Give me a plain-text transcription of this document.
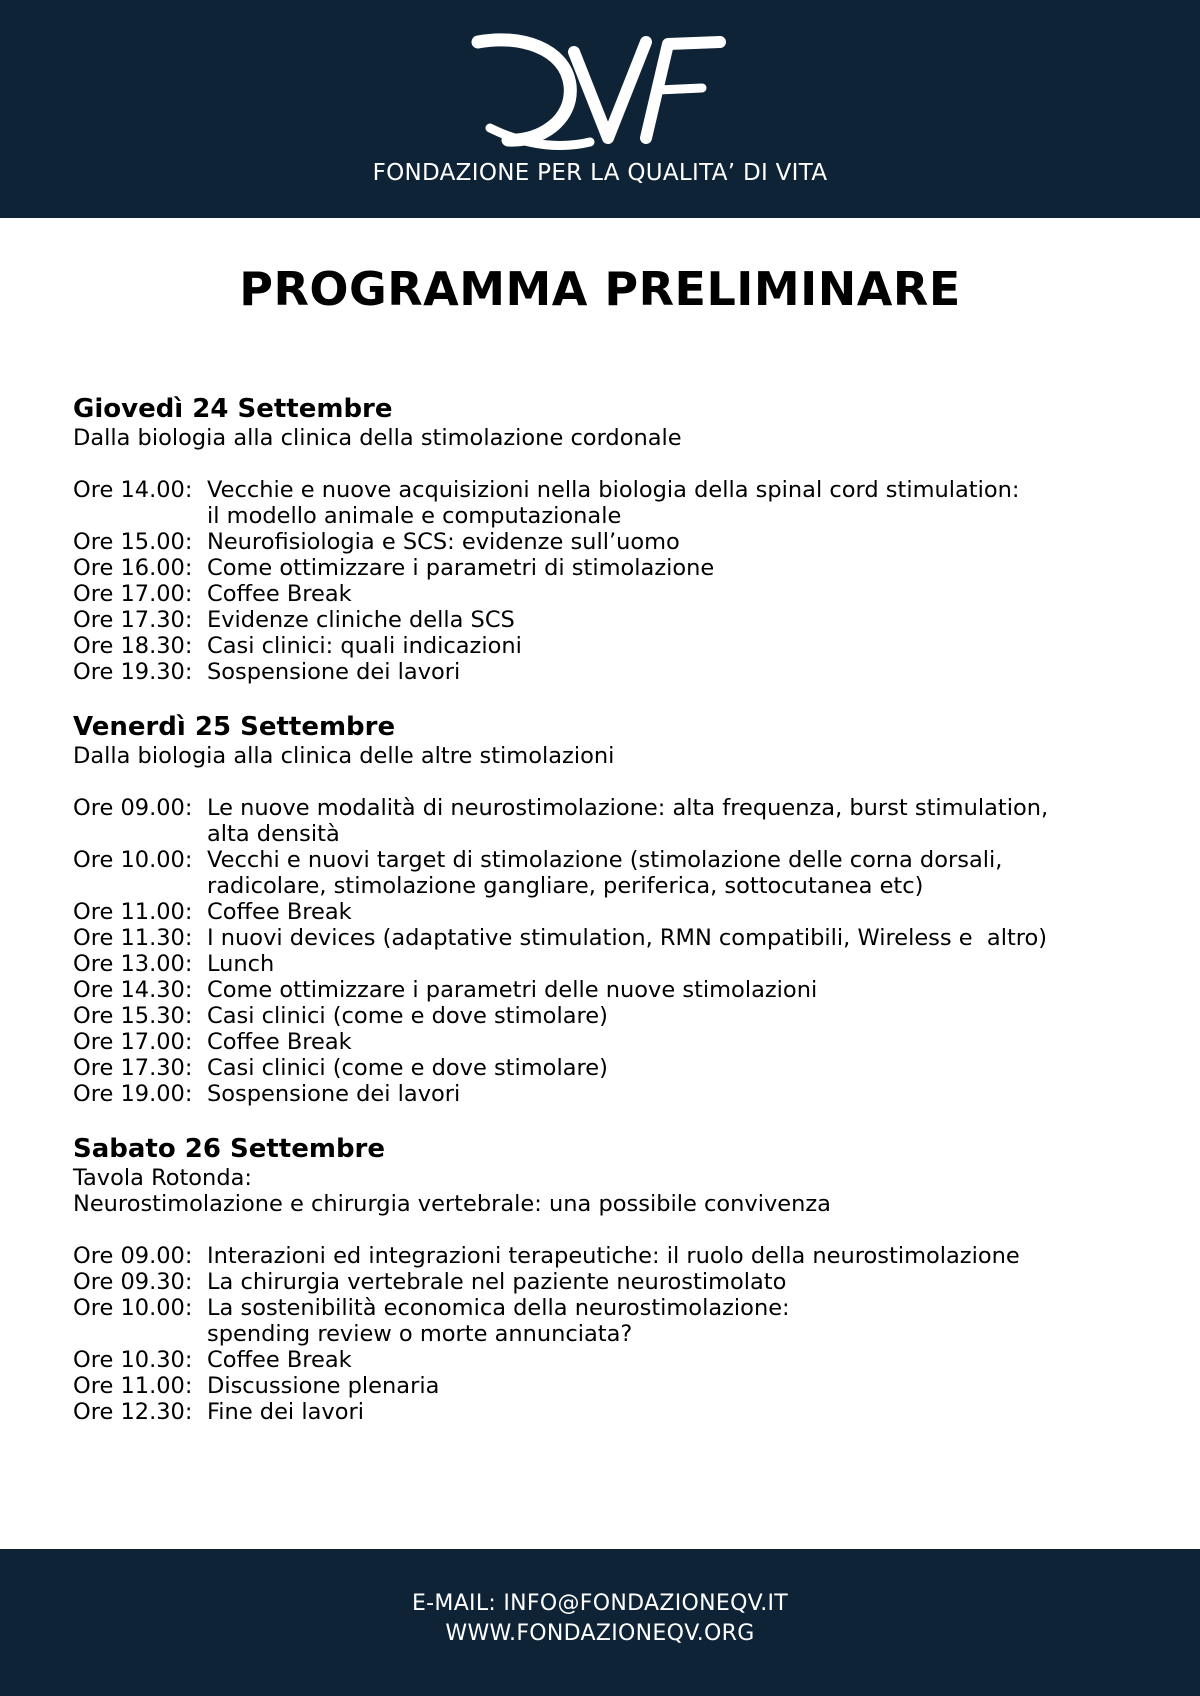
FONDAZIONE PER LA QUALITA’ DI VITA
PROGRAMMA PRELIMINARE
Giovedì 24 Settembre
Dalla biologia alla clinica della stimolazione cordonale
Ore 14.00: Vecchie e nuove acquisizioni nella biologia della spinal cord stimulation:
il modello animale e computazionale
Ore 15.00: Neurofisiologia e SCS: evidenze sull’uomo
Ore 16.00: Come ottimizzare i parametri di stimolazione
Ore 17.00: Coffee Break
Ore 17.30: Evidenze cliniche della SCS
Ore 18.30: Casi clinici: quali indicazioni
Ore 19.30: Sospensione dei lavori
Venerdì 25 Settembre
Dalla biologia alla clinica delle altre stimolazioni
Ore 09.00: Le nuove modalità di neurostimolazione: alta frequenza, burst stimulation,
alta densità
Ore 10.00: Vecchi e nuovi target di stimolazione (stimolazione delle corna dorsali,
radicolare, stimolazione gangliare, periferica, sottocutanea etc)
Ore 11.00: Coffee Break
Ore 11.30: I nuovi devices (adaptative stimulation, RMN compatibili, Wireless e  altro)
Ore 13.00: Lunch
Ore 14.30: Come ottimizzare i parametri delle nuove stimolazioni
Ore 15.30: Casi clinici (come e dove stimolare)
Ore 17.00: Coffee Break
Ore 17.30: Casi clinici (come e dove stimolare)
Ore 19.00: Sospensione dei lavori
Sabato 26 Settembre
Tavola Rotonda:
Neurostimolazione e chirurgia vertebrale: una possibile convivenza
Ore 09.00: Interazioni ed integrazioni terapeutiche: il ruolo della neurostimolazione
Ore 09.30: La chirurgia vertebrale nel paziente neurostimolato
Ore 10.00: La sostenibilità economica della neurostimolazione:
spending review o morte annunciata?
Ore 10.30: Coffee Break
Ore 11.00: Discussione plenaria
Ore 12.30: Fine dei lavori
E-MAIL: INFO@FONDAZIONEQV.IT
WWW.FONDAZIONEQV.ORG
